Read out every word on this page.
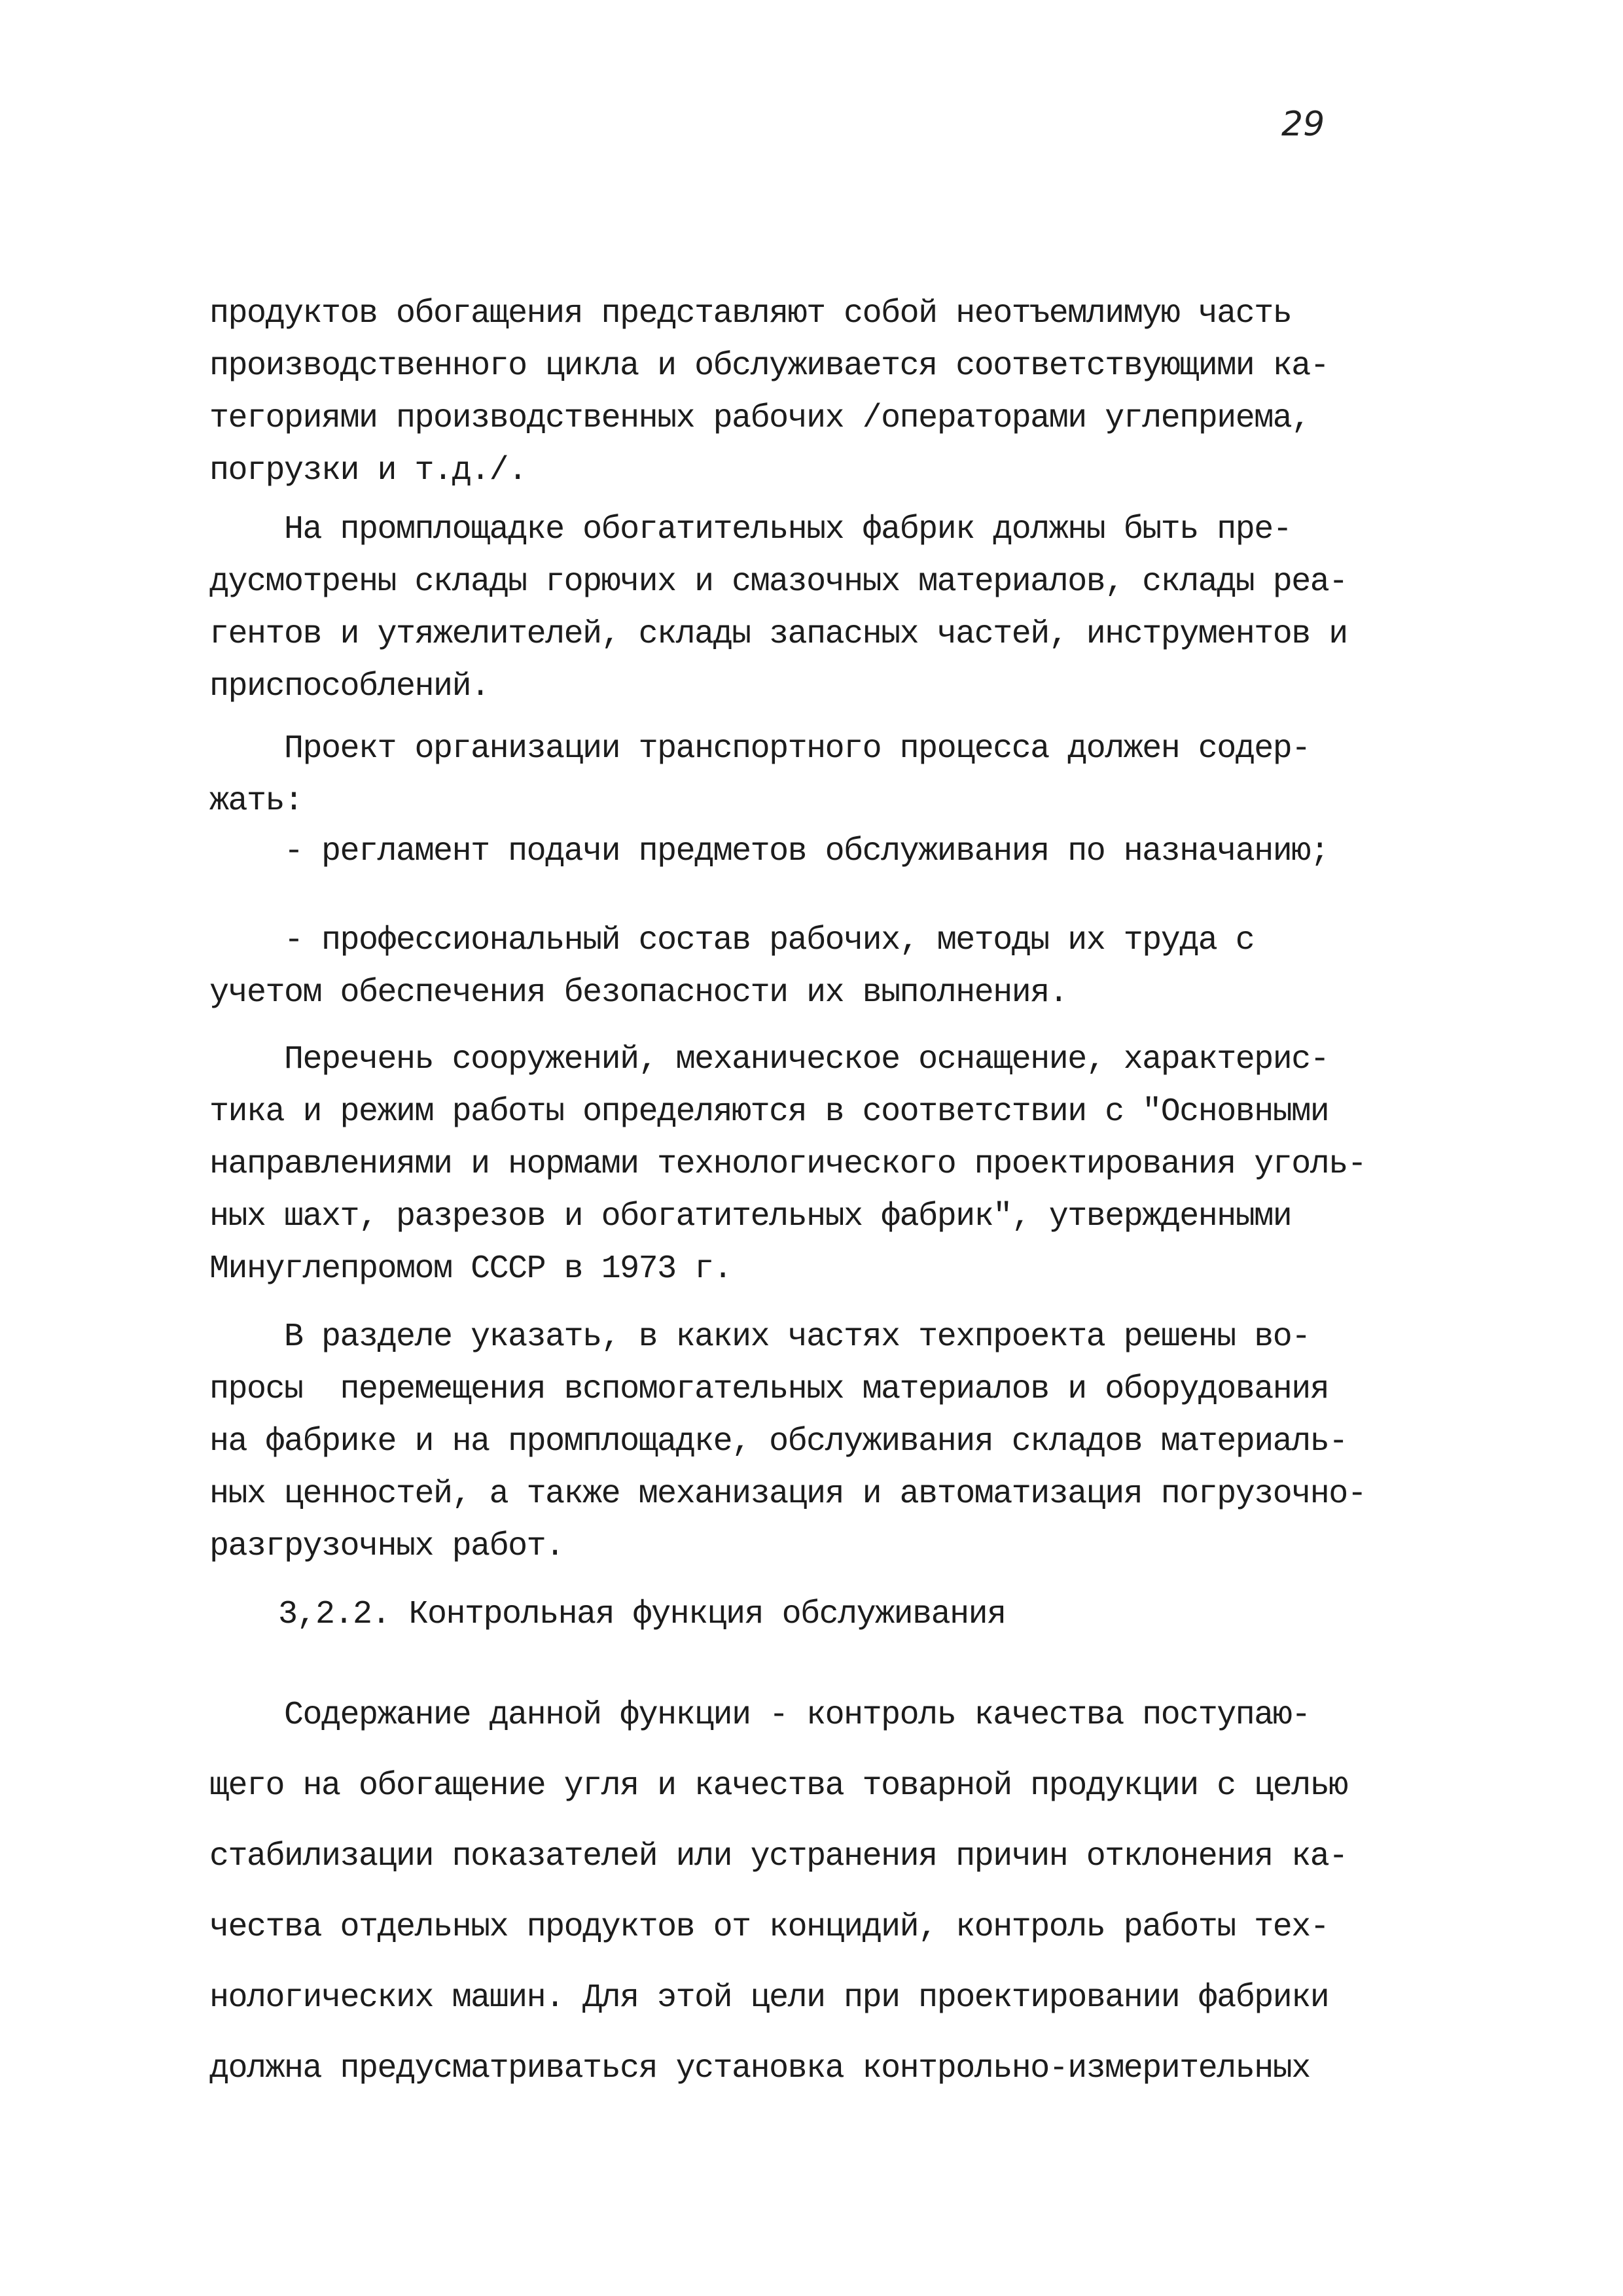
29

продуктов обогащения представляют собой неотъемлимую часть
производственного цикла и обслуживается соответствующими ка-
тегориями производственных рабочих /операторами углеприема,
погрузки и т.д./.

На промплощадке обогатительных фабрик должны быть пре-
дусмотрены склады горючих и смазочных материалов, склады реа-
гентов и утяжелителей, склады запасных частей, инструментов и
приспособлений.

Проект организации транспортного процесса должен содер-
жать:

- регламент подачи предметов обслуживания по назначанию;

- профессиональный состав рабочих, методы их труда с
учетом обеспечения безопасности их выполнения.

Перечень сооружений, механическое оснащение, характерис-
тика и режим работы определяются в соответствии с "Основными
направлениями и нормами технологического проектирования уголь-
ных шахт, разрезов и обогатительных фабрик", утвержденными
Минуглепромом СССР в 1973 г.

В разделе указать, в каких частях техпроекта решены во-
просы  перемещения вспомогательных материалов и оборудования
на фабрике и на промплощадке, обслуживания складов материаль-
ных ценностей, а также механизация и автоматизация погрузочно-
разгрузочных работ.

3,2.2. Контрольная функция обслуживания

Содержание данной функции - контроль качества поступаю-
щего на обогащение угля и качества товарной продукции с целью
стабилизации показателей или устранения причин отклонения ка-
чества отдельных продуктов от концидий, контроль работы тех-
нологических машин. Для этой цели при проектировании фабрики
должна предусматриваться установка контрольно-измерительных
